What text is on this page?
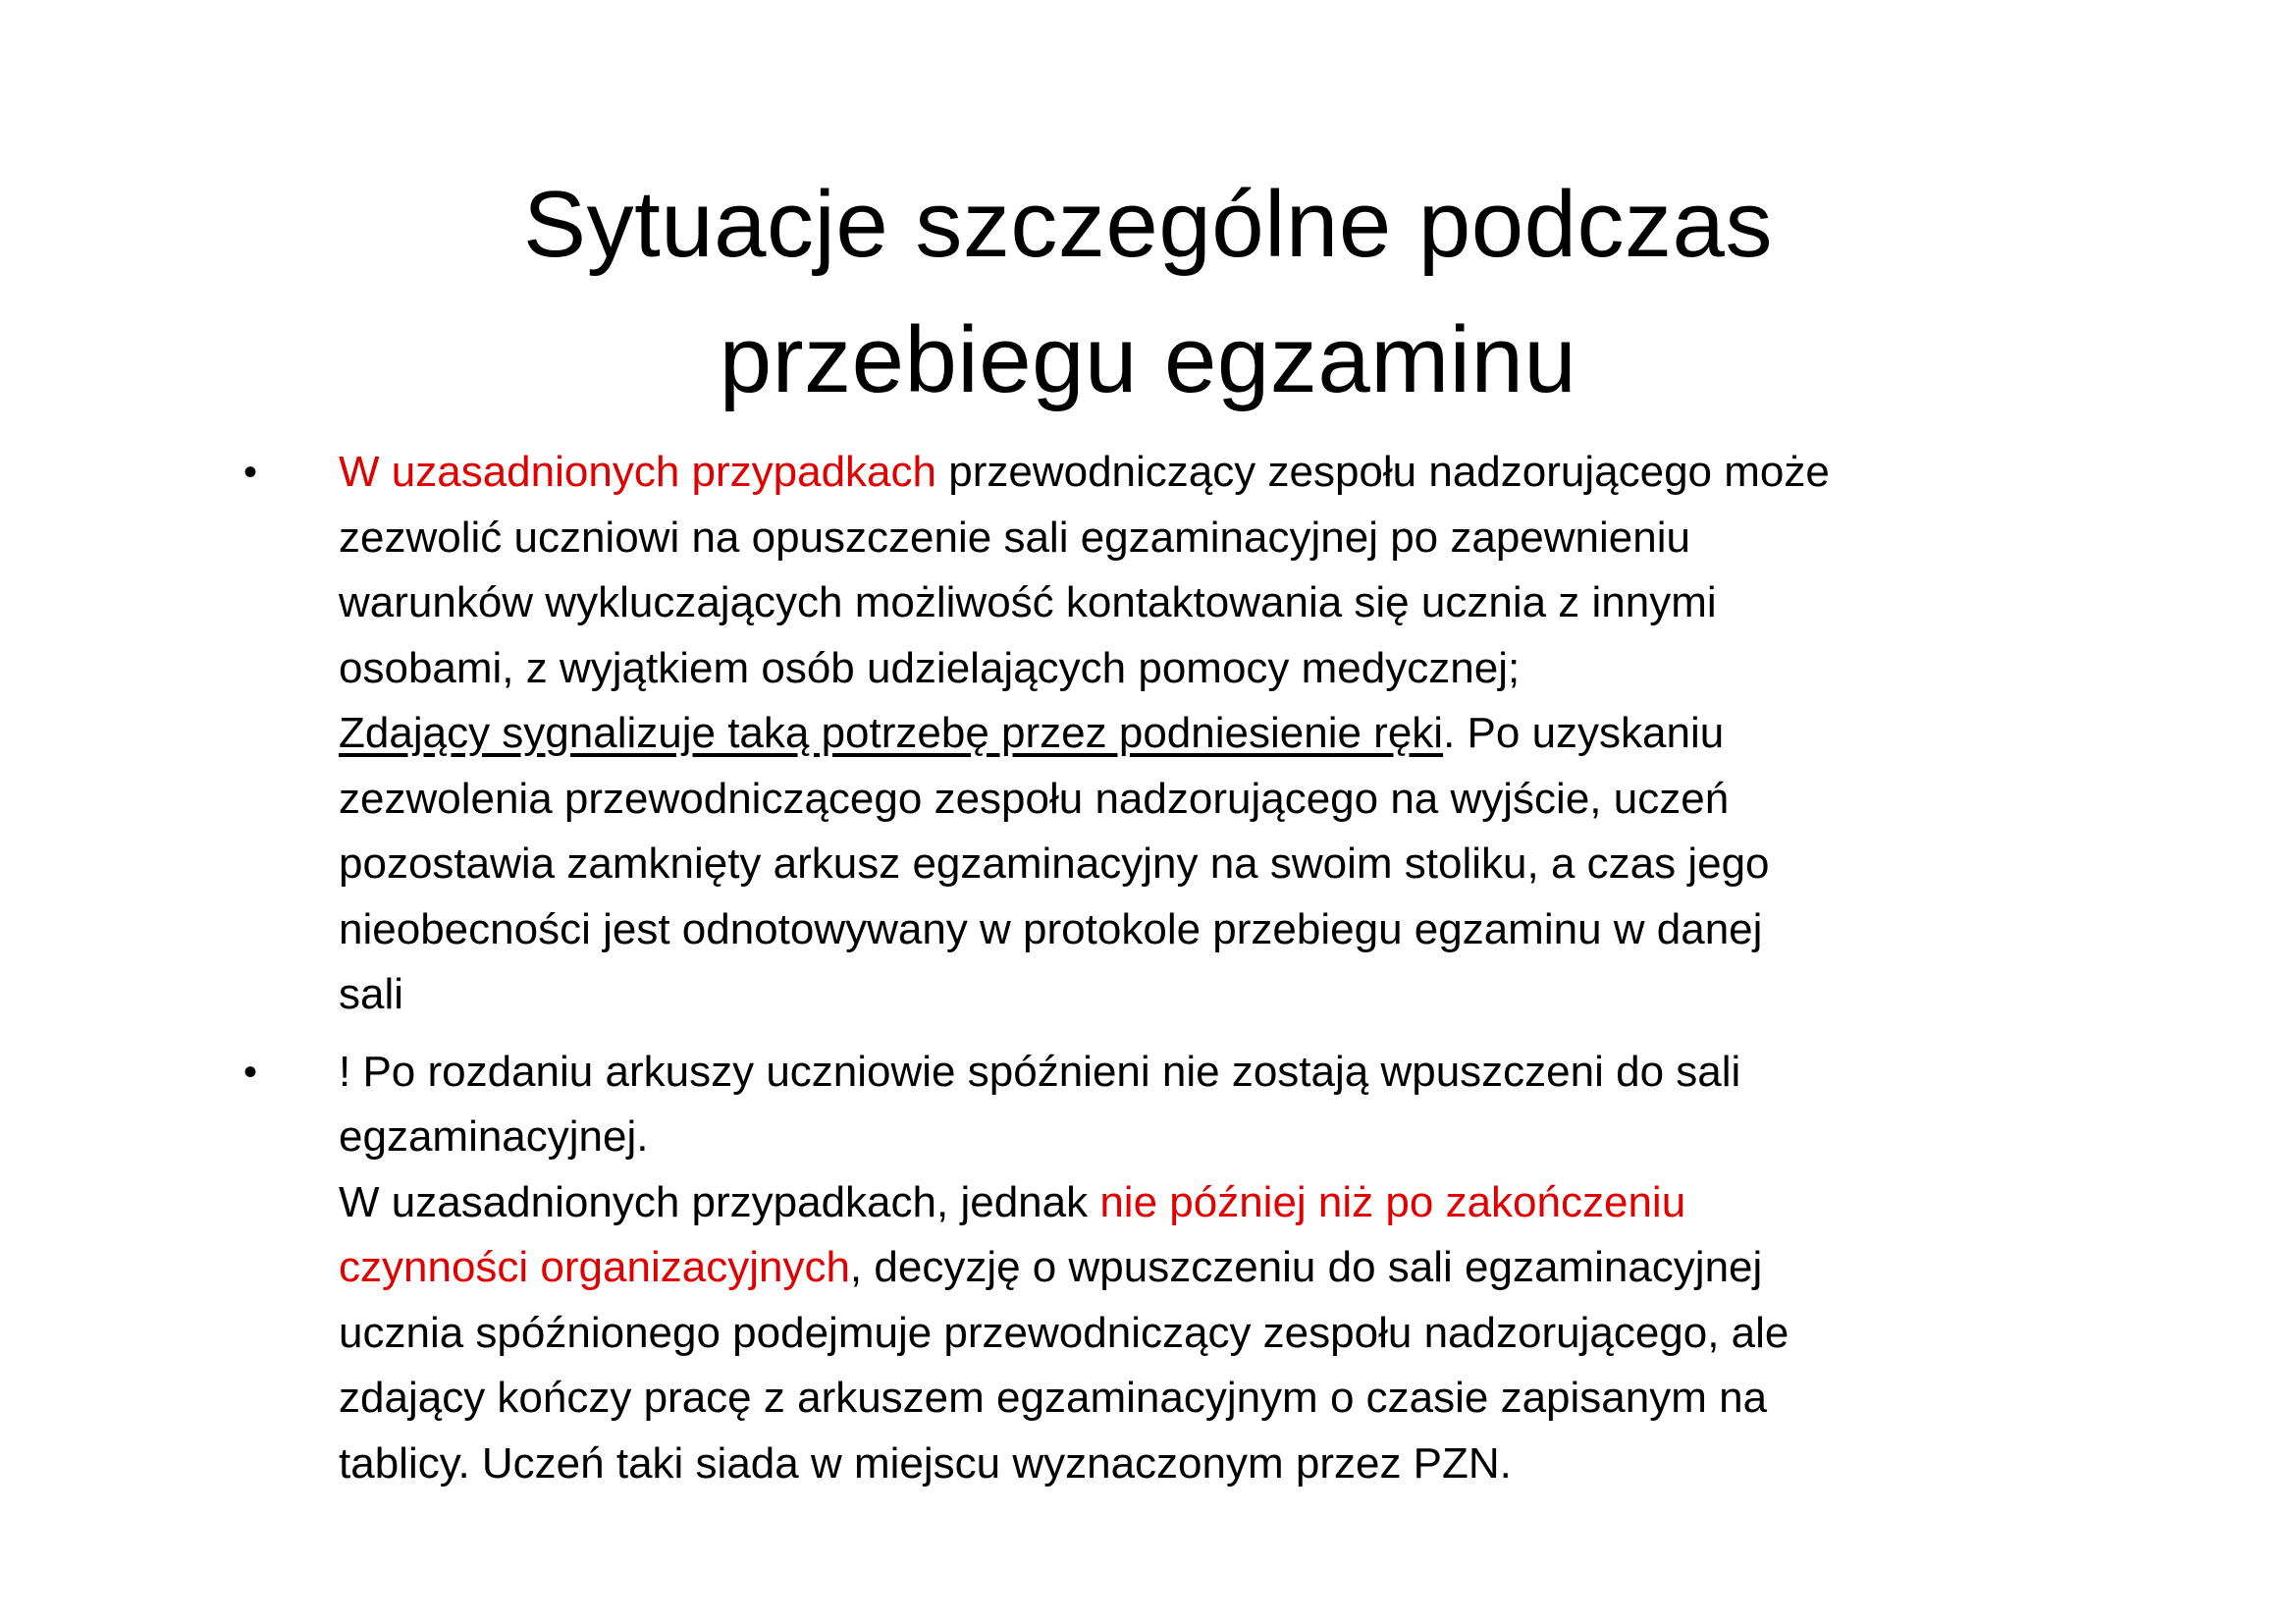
Sytuacje szczególne podczas
przebiegu egzaminu
• W uzasadnionych przypadkach przewodniczący zespołu nadzorującego może
zezwolić uczniowi na opuszczenie sali egzaminacyjnej po zapewnieniu
warunków wykluczających możliwość kontaktowania się ucznia z innymi
osobami, z wyjątkiem osób udzielających pomocy medycznej;
Zdający sygnalizuje taką potrzebę przez podniesienie ręki. Po uzyskaniu
zezwolenia przewodniczącego zespołu nadzorującego na wyjście, uczeń
pozostawia zamknięty arkusz egzaminacyjny na swoim stoliku, a czas jego
nieobecności jest odnotowywany w protokole przebiegu egzaminu w danej
sali
• ! Po rozdaniu arkuszy uczniowie spóźnieni nie zostają wpuszczeni do sali
egzaminacyjnej.
W uzasadnionych przypadkach, jednak nie później niż po zakończeniu
czynności organizacyjnych, decyzję o wpuszczeniu do sali egzaminacyjnej
ucznia spóźnionego podejmuje przewodniczący zespołu nadzorującego, ale
zdający kończy pracę z arkuszem egzaminacyjnym o czasie zapisanym na
tablicy. Uczeń taki siada w miejscu wyznaczonym przez PZN.
